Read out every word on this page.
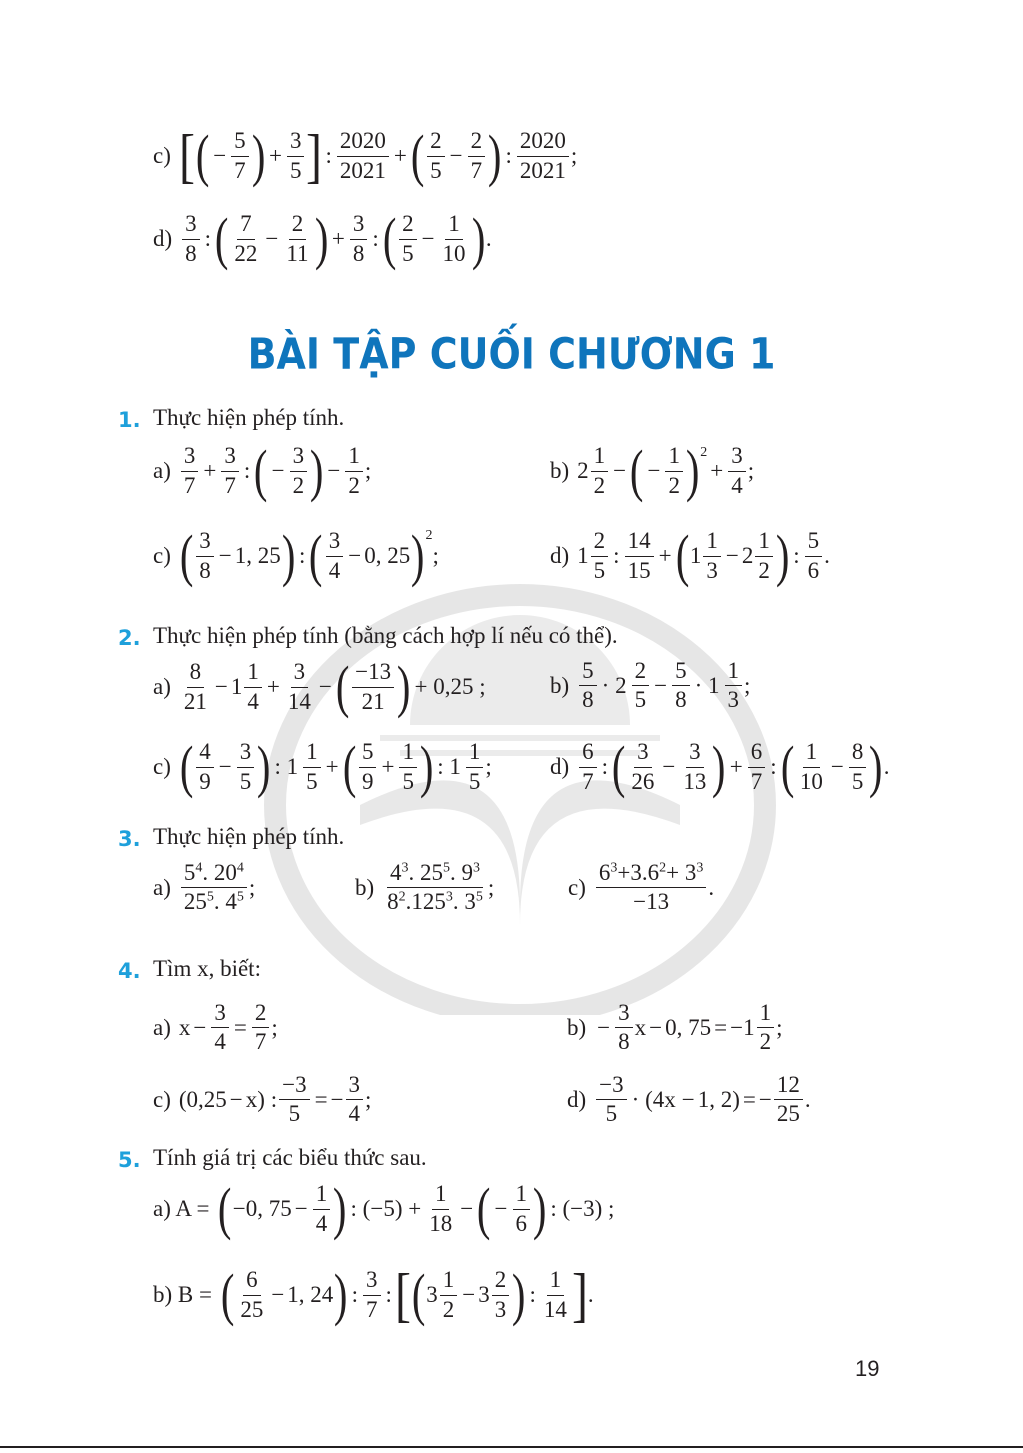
c) [ ( − $\frac{5}{7}$ ) + $\frac{3}{5}$ ] : $\frac{2020}{2021}$ + ( $\frac{2}{5} - \frac{2}{7}$ ) : $\frac{2020}{2021}$ ;
$d) \frac{3}{8}$ : ( $\frac{7}{22} - \frac{2}{11}$ ) + $\frac{3}{8}$ : ( $\frac{2}{5} - \frac{1}{10}$ ) .
BÀI TẬP CUỐI CHƯƠNG 1
1. Thực hiện phép tính.
$a) \frac{3}{7} + \frac{3}{7}$ : ( − $\frac{3}{2}$ ) − $\frac{1}{2}$ ;	b) $2 \frac{1}{2}$ − ( − $\frac{1}{2}$ ) 2
+ $\frac{3}{4}$ ;
c) ( $\frac{3}{8} - 1$, 25 ) : ( $\frac{3}{4} - 0$, 25 ) 2
;	d) $1 \frac{2}{5}$ : $\frac{14}{15}$ + ( $1 \frac{1}{3} - 2 \frac{1}{2}$ ) : $\frac{5}{6}$ .
2. Thực hiện phép tính (bằng cách hợp lí nếu có thể).
$a) \frac{8}{21} - 1 \frac{1}{4} + \frac{3}{14}$ − ( $\frac{-13}{21}$ ) + 0,25 ;	$b) \frac{5}{8} \cdot 2 \frac{2}{5} - \frac{5}{8} \cdot 1 \frac{1}{3}$ ;
c) ( $\frac{4}{9} - \frac{3}{5}$ ) : $1 \frac{1}{5}$ + ( $\frac{5}{9} + \frac{1}{5}$ ) : $1 \frac{1}{5}$ ;	$d) \frac{6}{7}$ : ( $\frac{3}{26} - \frac{3}{13}$ ) + $\frac{6}{7}$ : ( $\frac{1}{10} - \frac{8}{5}$ ) .
3. Thực hiện phép tính.
$a) \frac{5^4. 20^4}{25^5. 4^5}$ ;	$b) \frac{4^3. 25^5. 9^3}{8^2.125^3. 3^5}$ ;	$c) \frac{6^3+3.6^2+ 3^3}{-13}$ .
4. Tìm x, biết:
a) $x - \frac{3}{4} = \frac{2}{7}$ ;	$b) - \frac{3}{8}$ x − 0, $75 = -1 \frac{1}{2}$ ;
c) (0,25 − x) : $\frac{-3}{5}$ = − $\frac{3}{4}$ ;	$d) \frac{-3}{5} \cdot (4x - 1$, 2) = − $\frac{12}{25}$ .
5. Tính giá trị các biểu thức sau.
a) A = ( −0, $75 - \frac{1}{4}$ ) : $(-5) + \frac{1}{18}$ − ( − $\frac{1}{6}$ ) : (−3) ;
b) B = ( $\frac{6}{25} - 1$, 24 ) : $\frac{3}{7}$ : [ ( $3 \frac{1}{2} - 3 \frac{2}{3}$ ) : $\frac{1}{14}$ ] .
19
